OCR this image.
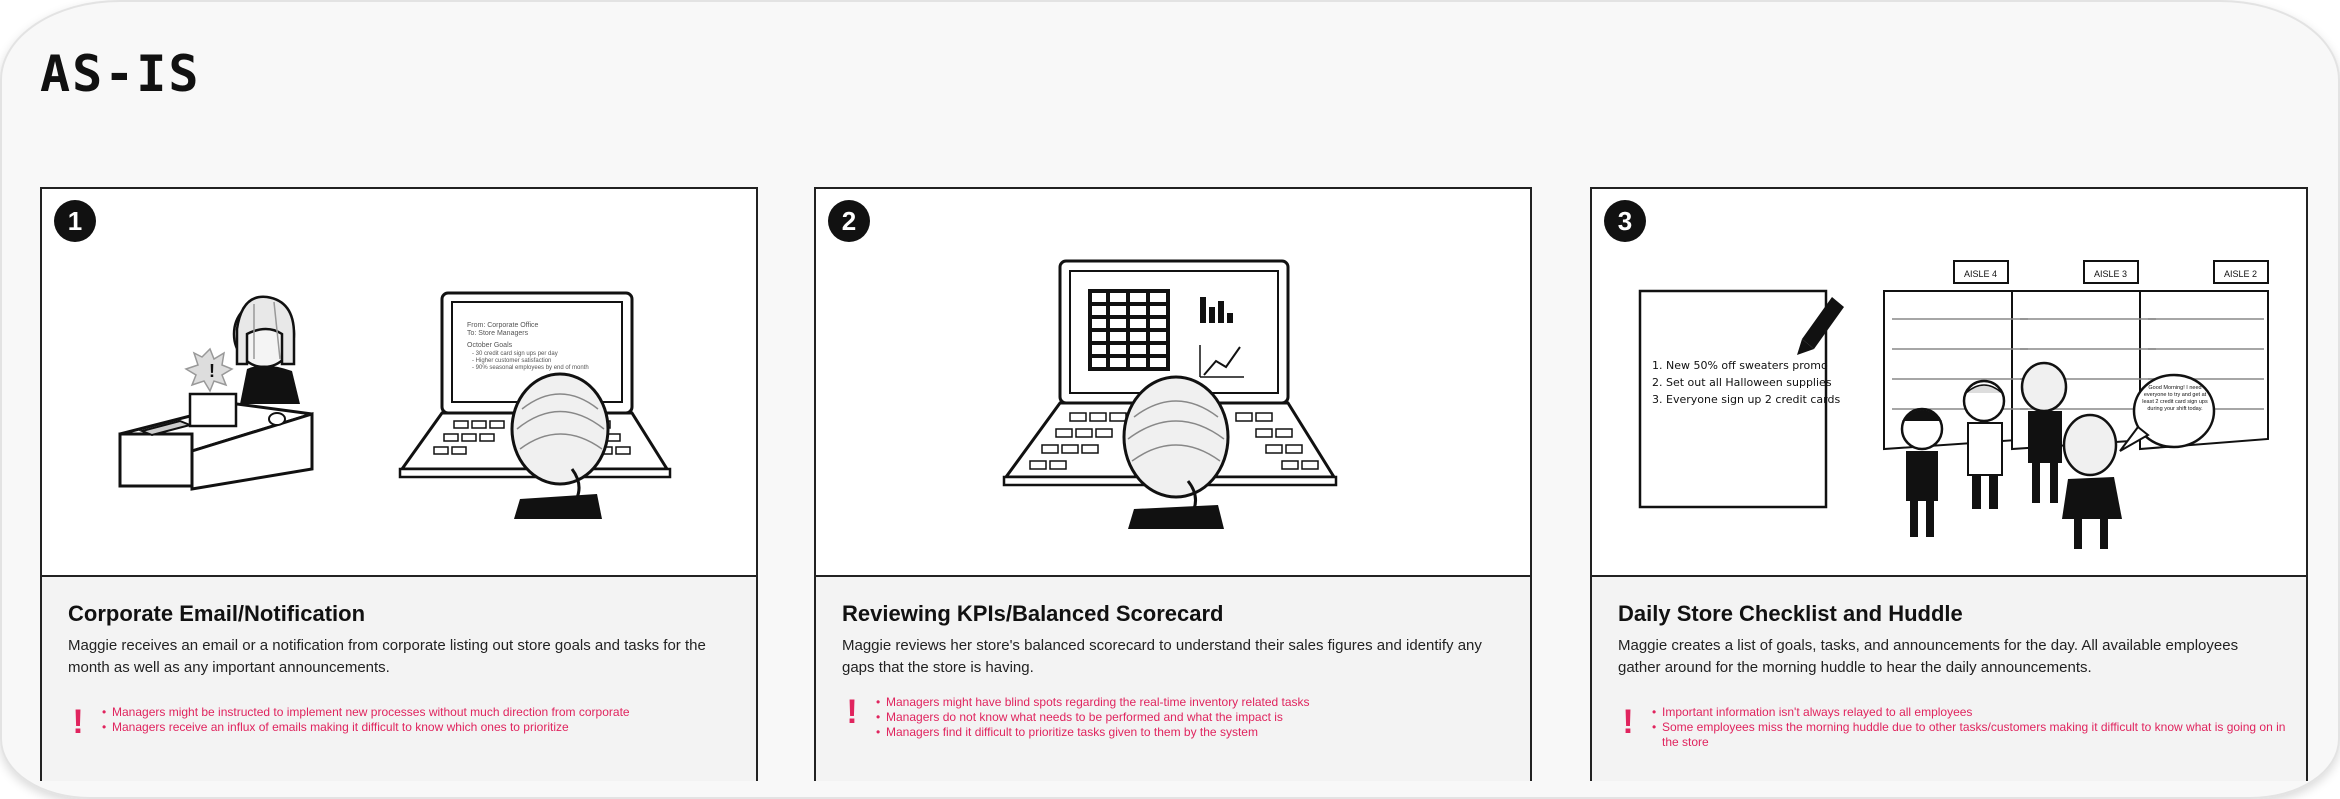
AS-IS
!
From: Corporate Office
To: Store Managers
October Goals
- 30 credit card sign ups per day
- Higher customer satisfaction
- 90% seasonal employees by end of month
1
Corporate Email/Notification
Maggie receives an email or a notification from corporate listing out store goals and tasks for the month as well as any important announcements.
!	• Managers might be instructed to implement new processes without much direction from corporate
• Managers receive an influx of emails making it difficult to know which ones to prioritize
2
Reviewing KPIs/Balanced Scorecard
Maggie reviews her store's balanced scorecard to understand their sales figures and identify any gaps that the store is having.
!	• Managers might have blind spots regarding the real-time inventory related tasks
• Managers do not know what needs to be performed and what the impact is
• Managers find it difficult to prioritize tasks given to them by the system
1. New 50% off sweaters promo
2. Set out all Halloween supplies
3. Everyone sign up 2 credit cards
AISLE 4	AISLE 3	AISLE 2
Good Morning! I need everyone to try and get at least 2 credit card sign ups during your shift today.
3
Daily Store Checklist and Huddle
Maggie creates a list of goals, tasks, and announcements for the day. All available employees gather around for the morning huddle to hear the daily announcements.
!	• Important information isn't always relayed to all employees
• Some employees miss the morning huddle due to other tasks/customers making it difficult to know what is going on in the store
